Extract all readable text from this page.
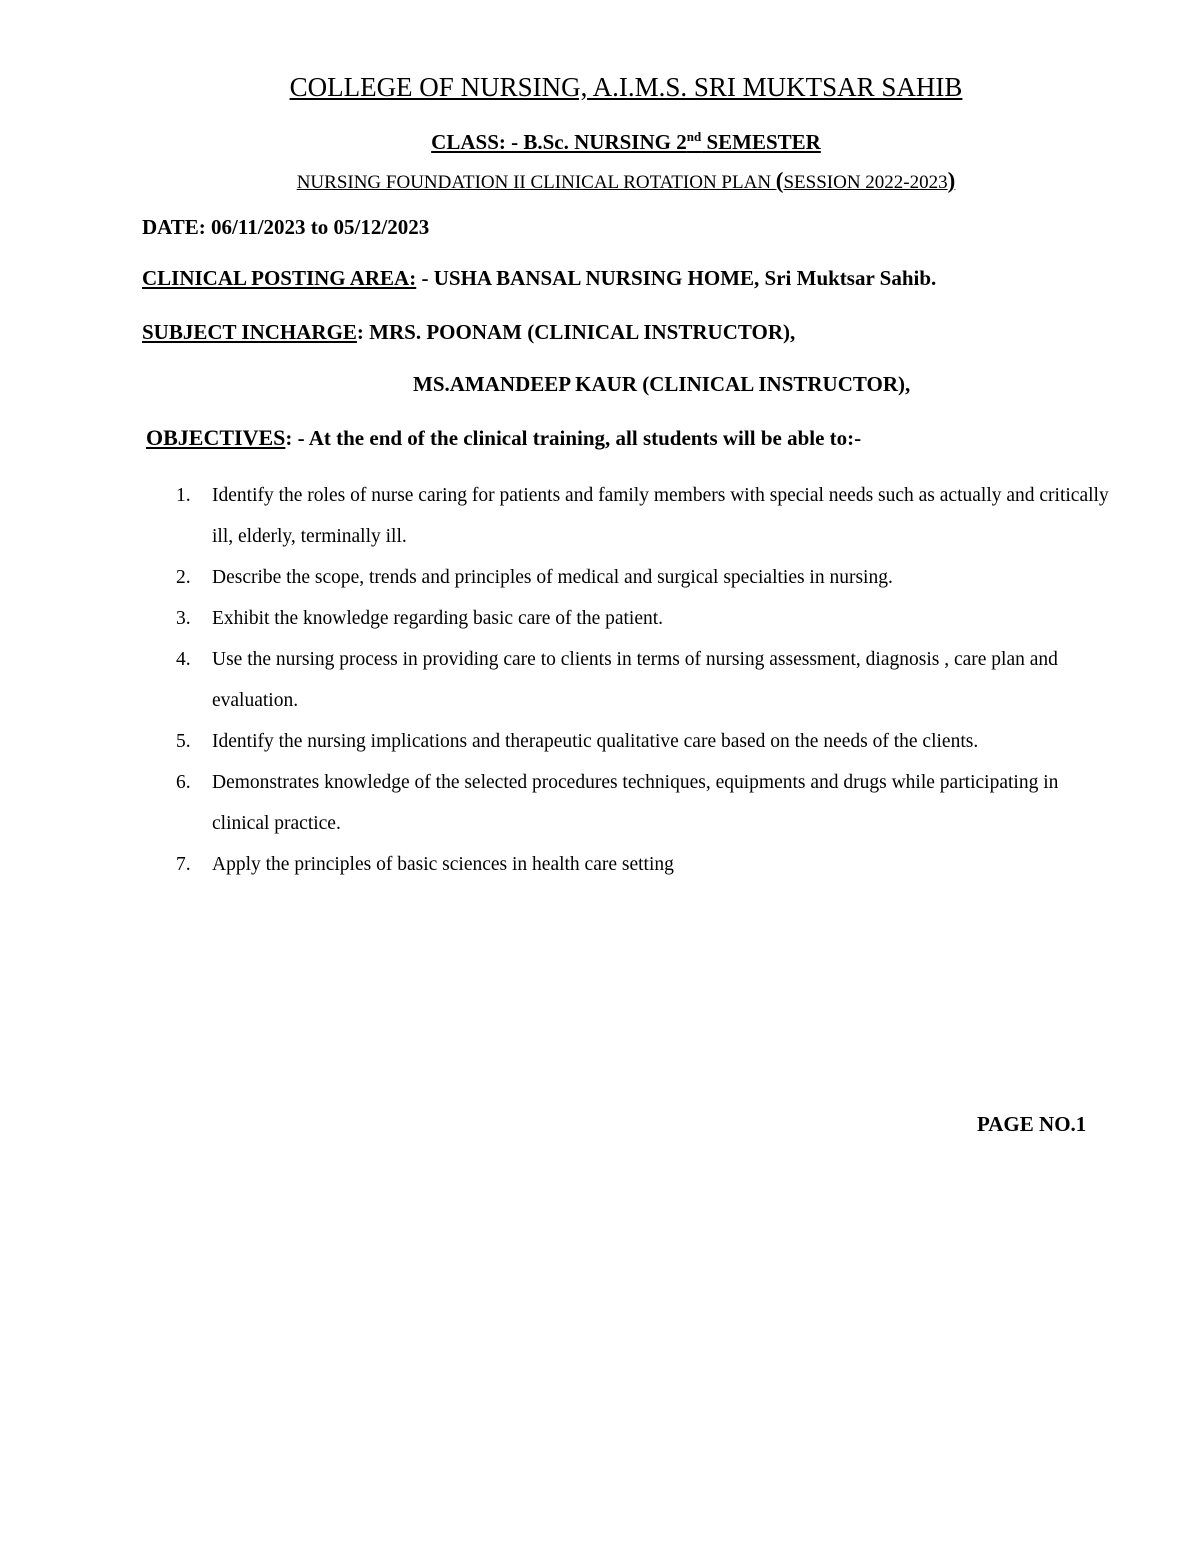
COLLEGE OF NURSING, A.I.M.S. SRI MUKTSAR SAHIB
CLASS: - B.Sc. NURSING 2nd SEMESTER
NURSING FOUNDATION II CLINICAL ROTATION PLAN (SESSION 2022-2023)
DATE: 06/11/2023 to 05/12/2023
CLINICAL POSTING AREA: - USHA BANSAL NURSING HOME, Sri Muktsar Sahib.
SUBJECT INCHARGE: MRS. POONAM (CLINICAL INSTRUCTOR),
MS.AMANDEEP KAUR (CLINICAL INSTRUCTOR),
OBJECTIVES: - At the end of the clinical training, all students will be able to:-
1. Identify the roles of nurse caring for patients and family members with special needs such as actually and critically ill, elderly, terminally ill.
2. Describe the scope, trends and principles of medical and surgical specialties in nursing.
3. Exhibit the knowledge regarding basic care of the patient.
4. Use the nursing process in providing care to clients in terms of nursing assessment, diagnosis , care plan and evaluation.
5. Identify the nursing implications and therapeutic qualitative care based on the needs of the clients.
6. Demonstrates knowledge of the selected procedures techniques, equipments and drugs while participating in clinical practice.
7. Apply the principles of basic sciences in health care setting
PAGE NO.1
